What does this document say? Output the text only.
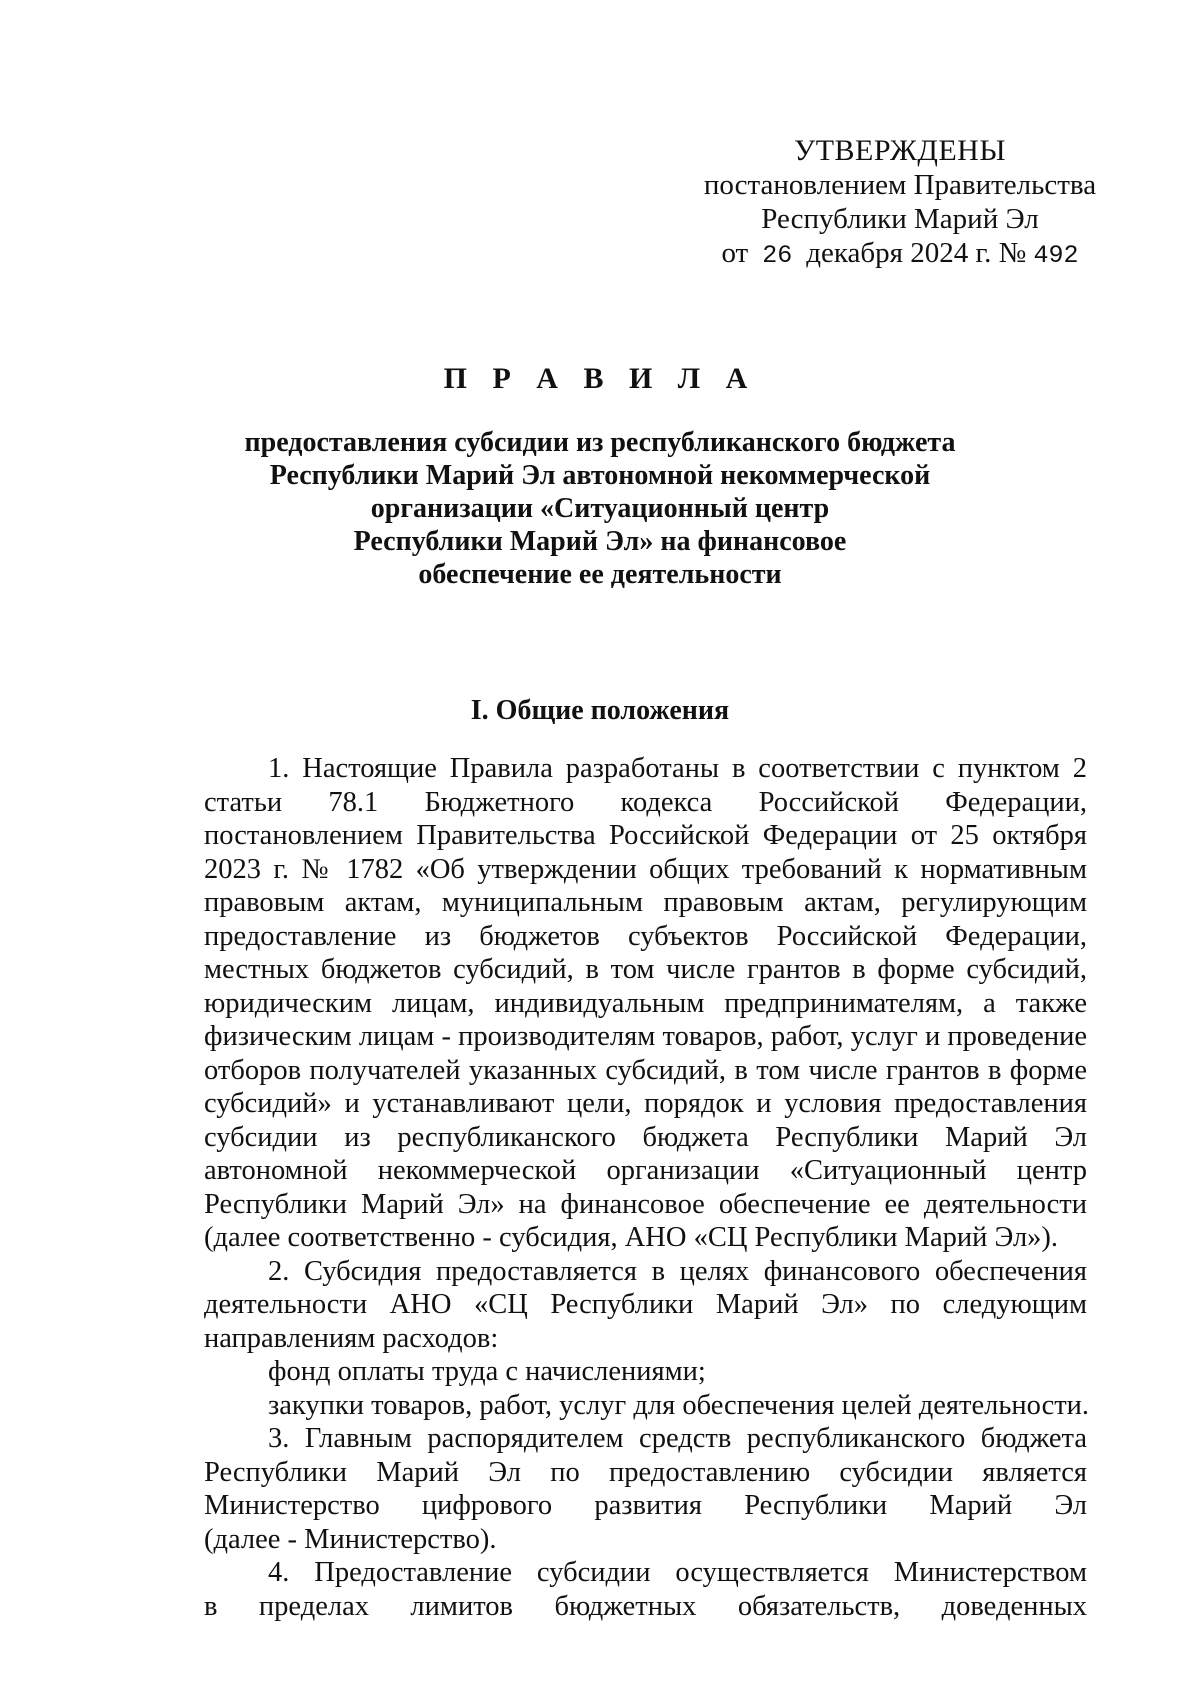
УТВЕРЖДЕНЫ
постановлением Правительства
Республики Марий Эл
от 26 декабря 2024 г. № 492
П Р А В И Л А
предоставления субсидии из республиканского бюджета
Республики Марий Эл автономной некоммерческой
организации «Ситуационный центр
Республики Марий Эл» на финансовое
обеспечение ее деятельности
I. Общие положения

1. Настоящие Правила разработаны в соответствии с пунктом 2

статьи 78.1 Бюджетного кодекса Российской Федерации,

постановлением Правительства Российской Федерации от 25 октября

2023 г. № 1782 «Об утверждении общих требований к нормативным

правовым актам, муниципальным правовым актам, регулирующим

предоставление из бюджетов субъектов Российской Федерации,

местных бюджетов субсидий, в том числе грантов в форме субсидий,

юридическим лицам, индивидуальным предпринимателям, а также

физическим лицам - производителям товаров, работ, услуг и проведение

отборов получателей указанных субсидий, в том числе грантов в форме

субсидий» и устанавливают цели, порядок и условия предоставления

субсидии из республиканского бюджета Республики Марий Эл

автономной некоммерческой организации «Ситуационный центр

Республики Марий Эл» на финансовое обеспечение ее деятельности

(далее соответственно - субсидия, АНО «СЦ Республики Марий Эл»).

2. Субсидия предоставляется в целях финансового обеспечения

деятельности АНО «СЦ Республики Марий Эл» по следующим

направлениям расходов:

фонд оплаты труда с начислениями;

закупки товаров, работ, услуг для обеспечения целей деятельности.

3. Главным распорядителем средств республиканского бюджета

Республики Марий Эл по предоставлению субсидии является

Министерство цифрового развития Республики Марий Эл

(далее - Министерство).

4. Предоставление субсидии осуществляется Министерством

в пределах лимитов бюджетных обязательств, доведенных
